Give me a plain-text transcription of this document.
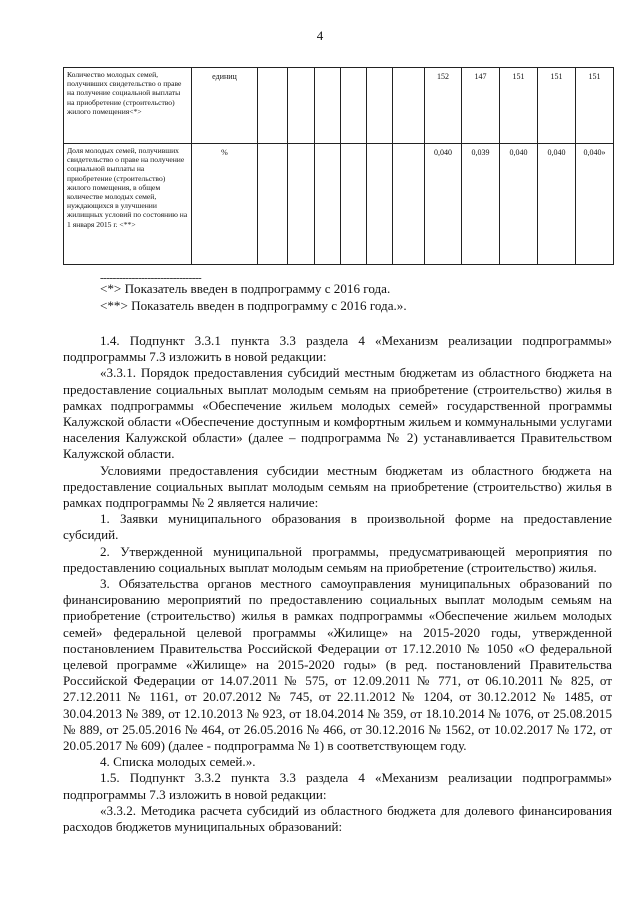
4
Количество молодых семей, получивших свидетельство о праве на получение социальной выплаты на приобретение (строительство) жилого помещения<*>	единиц							152	147	151	151	151
Доля молодых семей, получивших свидетельство о праве на получение социальной выплаты на приобретение (строительство) жилого помещения, в общем количестве молодых семей, нуждающихся в улучшении жилищных условий по состоянию на 1 января 2015 г. <**>	%							0,040	0,039	0,040	0,040	0,040»
--------------------------------
<*> Показатель введен в подпрограмму с 2016 года.
<**> Показатель введен в подпрограмму с 2016 года.».

1.4. Подпункт 3.3.1 пункта 3.3 раздела 4 «Механизм реализации подпрограммы» подпрограммы 7.3 изложить в новой редакции:

«3.3.1. Порядок предоставления субсидий местным бюджетам из областного бюджета на предоставление социальных выплат молодым семьям на приобретение (строительство) жилья в рамках подпрограммы «Обеспечение жильем молодых семей» государственной программы Калужской области «Обеспечение доступным и комфортным жильем и коммунальными услугами населения Калужской области» (далее – подпрограмма № 2) устанавливается Правительством Калужской области.

Условиями предоставления субсидии местным бюджетам из областного бюджета на предоставление социальных выплат молодым семьям на приобретение (строительство) жилья в рамках подпрограммы № 2 является наличие:

1. Заявки муниципального образования в произвольной форме на предоставление субсидий.

2. Утвержденной муниципальной программы, предусматривающей мероприятия по предоставлению социальных выплат молодым семьям на приобретение (строительство) жилья.

3. Обязательства органов местного самоуправления муниципальных образований по финансированию мероприятий по предоставлению социальных выплат молодым семьям на приобретение (строительство) жилья в рамках подпрограммы «Обеспечение жильем молодых семей» федеральной целевой программы «Жилище» на 2015-2020 годы, утвержденной постановлением Правительства Российской Федерации от 17.12.2010 № 1050 «О федеральной целевой программе «Жилище» на 2015-2020 годы» (в ред. постановлений Правительства Российской Федерации от 14.07.2011 № 575, от 12.09.2011 № 771, от 06.10.2011 № 825, от 27.12.2011 № 1161, от 20.07.2012 № 745, от 22.11.2012 № 1204, от 30.12.2012 № 1485, от 30.04.2013 № 389, от 12.10.2013 № 923, от 18.04.2014 № 359, от 18.10.2014 № 1076, от 25.08.2015 № 889, от 25.05.2016 № 464, от 26.05.2016 № 466, от 30.12.2016 № 1562, от 10.02.2017 № 172, от 20.05.2017 № 609) (далее - подпрограмма № 1) в соответствующем году.

4. Списка молодых семей.».

1.5. Подпункт 3.3.2 пункта 3.3 раздела 4 «Механизм реализации подпрограммы» подпрограммы 7.3 изложить в новой редакции:

«3.3.2. Методика расчета субсидий из областного бюджета для долевого финансирования расходов бюджетов муниципальных образований:
